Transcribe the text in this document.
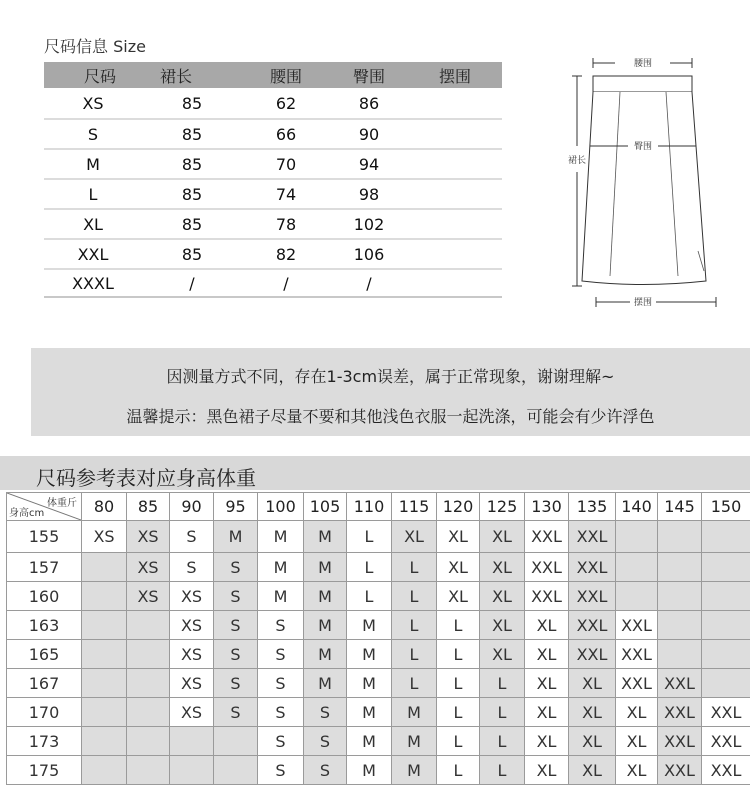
尺码信息 Size
尺码	裙长	腰围	臀围	摆围
XS	85	62	86
S	85	66	90
M	85	70	94
L	85	74	98
XL	85	78	102
XXL	85	82	106
XXXL	/	/	/
腰围
臀围
裙长
摆围
因测量方式不同，存在1-3cm误差，属于正常现象，谢谢理解~
温馨提示：黑色裙子尽量不要和其他浅色衣服一起洗涤，可能会有少许浮色
尺码参考表对应身高体重
体重斤
身高cm	80	85	90	95	100	105	110	115	120	125	130	135	140	145	150
155	XS	XS	S	M	M	M	L	XL	XL	XL	XXL	XXL			
157		XS	S	S	M	M	L	L	XL	XL	XXL	XXL			
160		XS	XS	S	M	M	L	L	XL	XL	XXL	XXL			
163			XS	S	S	M	M	L	L	XL	XL	XXL	XXL		
165			XS	S	S	M	M	L	L	XL	XL	XXL	XXL		
167			XS	S	S	M	M	L	L	L	XL	XL	XXL	XXL	
170			XS	S	S	S	M	M	L	L	XL	XL	XL	XXL	XXL
173					S	S	M	M	L	L	XL	XL	XL	XXL	XXL
175					S	S	M	M	L	L	XL	XL	XL	XXL	XXL
